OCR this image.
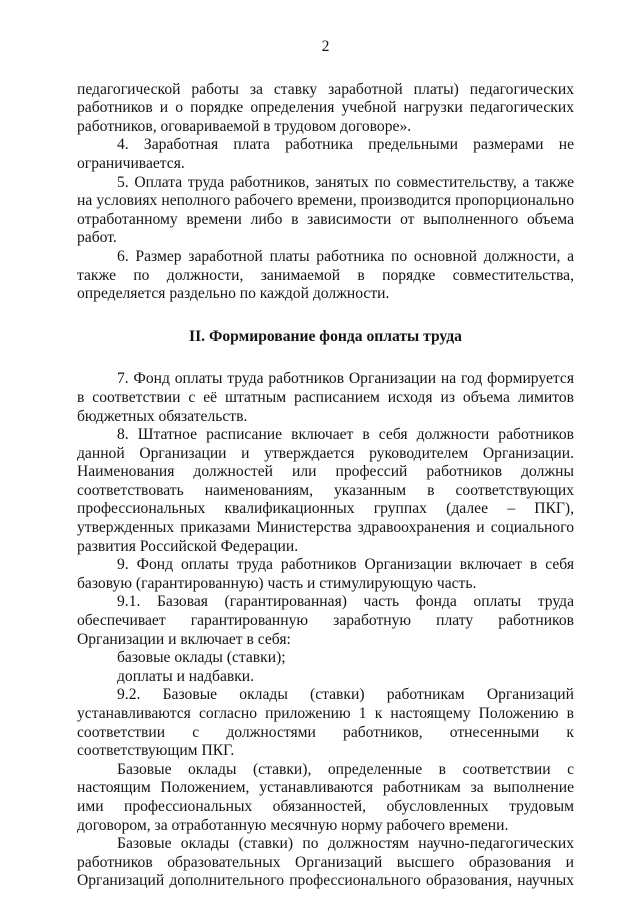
2

педагогической работы за ставку заработной платы) педагогических работников и о порядке определения учебной нагрузки педагогических работников, оговариваемой в трудовом договоре».

4. Заработная плата работника предельными размерами не ограничивается.

5. Оплата труда работников, занятых по совместительству, а также на условиях неполного рабочего времени, производится пропорционально отработанному времени либо в зависимости от выполненного объема работ.

6. Размер заработной платы работника по основной должности, а также по должности, занимаемой в порядке совместительства, определяется раздельно по каждой должности.

II. Формирование фонда оплаты труда

7. Фонд оплаты труда работников Организации на год формируется в соответствии с её штатным расписанием исходя из объема лимитов бюджетных обязательств.

8. Штатное расписание включает в себя должности работников данной Организации и утверждается руководителем Организации. Наименования должностей или профессий работников должны соответствовать наименованиям, указанным в соответствующих профессиональных квалификационных группах (далее – ПКГ), утвержденных приказами Министерства здравоохранения и социального развития Российской Федерации.

9. Фонд оплаты труда работников Организации включает в себя базовую (гарантированную) часть и стимулирующую часть.

9.1. Базовая (гарантированная) часть фонда оплаты труда обеспечивает гарантированную заработную плату работников Организации и включает в себя:

базовые оклады (ставки);

доплаты и надбавки.

9.2. Базовые оклады (ставки) работникам Организаций устанавливаются согласно приложению 1 к настоящему Положению в соответствии с должностями работников, отнесенными к соответствующим ПКГ.

Базовые оклады (ставки), определенные в соответствии с настоящим Положением, устанавливаются работникам за выполнение ими профессиональных обязанностей, обусловленных трудовым договором, за отработанную месячную норму рабочего времени.

Базовые оклады (ставки) по должностям научно-педагогических работников образовательных Организаций высшего образования и Организаций дополнительного профессионального образования, научных
